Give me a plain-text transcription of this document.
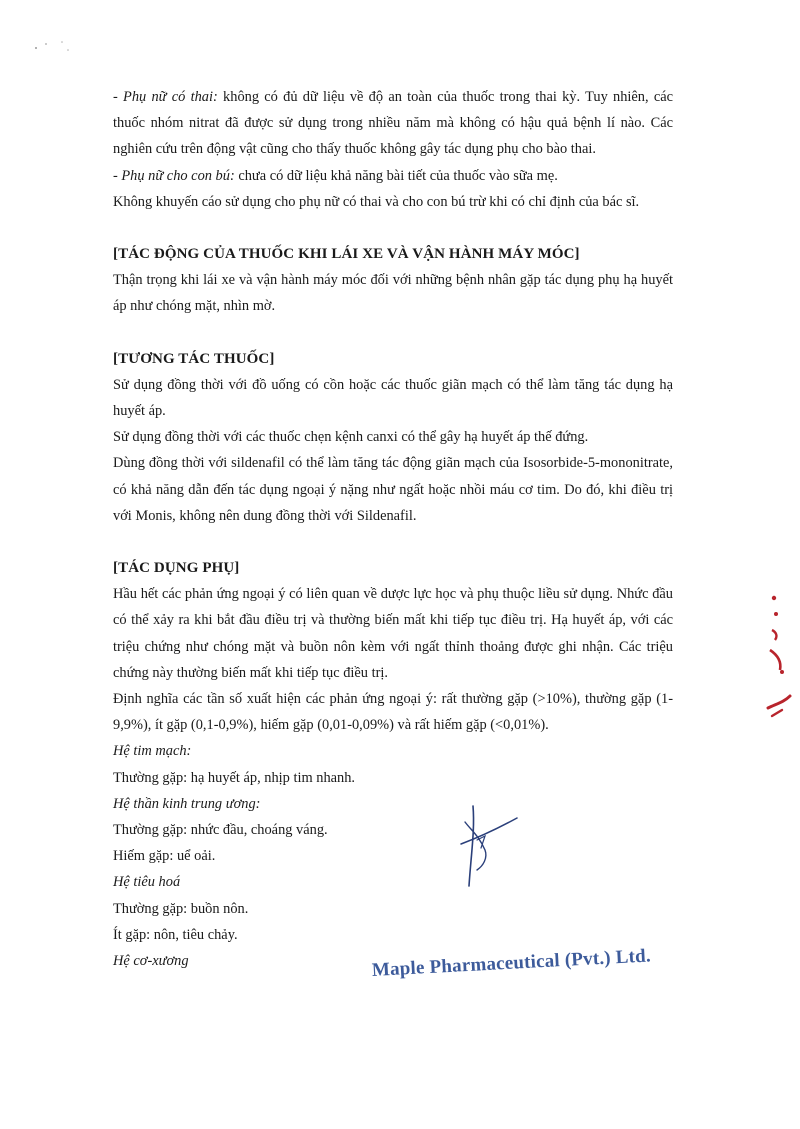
- Phụ nữ có thai: không có đủ dữ liệu về độ an toàn của thuốc trong thai kỳ. Tuy nhiên, các thuốc nhóm nitrat đã được sử dụng trong nhiều năm mà không có hậu quả bệnh lí nào. Các nghiên cứu trên động vật cũng cho thấy thuốc không gây tác dụng phụ cho bào thai.

- Phụ nữ cho con bú: chưa có dữ liệu khả năng bài tiết của thuốc vào sữa mẹ.

Không khuyến cáo sử dụng cho phụ nữ có thai và cho con bú trừ khi có chỉ định của bác sĩ.

[TÁC ĐỘNG CỦA THUỐC KHI LÁI XE VÀ VẬN HÀNH MÁY MÓC]

Thận trọng khi lái xe và vận hành máy móc đối với những bệnh nhân gặp tác dụng phụ hạ huyết áp như chóng mặt, nhìn mờ.

[TƯƠNG TÁC THUỐC]

Sử dụng đồng thời với đồ uống có cồn hoặc các thuốc giãn mạch có thể làm tăng tác dụng hạ huyết áp.

Sử dụng đồng thời với các thuốc chẹn kệnh canxi có thể gây hạ huyết áp thế đứng.

Dùng đồng thời với sildenafil có thể làm tăng tác động giãn mạch của Isosorbide-5-mononitrate, có khả năng dẫn đến tác dụng ngoại ý nặng như ngất hoặc nhồi máu cơ tim. Do đó, khi điều trị với Monis, không nên dung đồng thời với Sildenafil.

[TÁC DỤNG PHỤ]

Hầu hết các phản ứng ngoại ý có liên quan về dược lực học và phụ thuộc liều sử dụng. Nhức đầu có thể xảy ra khi bắt đầu điều trị và thường biến mất khi tiếp tục điều trị. Hạ huyết áp, với các triệu chứng như chóng mặt và buồn nôn kèm với ngất thỉnh thoảng được ghi nhận. Các triệu chứng này thường biến mất khi tiếp tục điều trị.

Định nghĩa các tần số xuất hiện các phản ứng ngoại ý: rất thường gặp (>10%), thường gặp (1-9,9%), ít gặp (0,1-0,9%), hiếm gặp (0,01-0,09%) và rất hiếm gặp (<0,01%).

Hệ tim mạch:

Thường gặp: hạ huyết áp, nhịp tim nhanh.

Hệ thần kinh trung ương:

Thường gặp: nhức đầu, choáng váng.

Hiếm gặp: uể oải.

Hệ tiêu hoá

Thường gặp: buồn nôn.

Ít gặp: nôn, tiêu chảy.

Hệ cơ-xương	Maple Pharmaceutical (Pvt.) Ltd.
